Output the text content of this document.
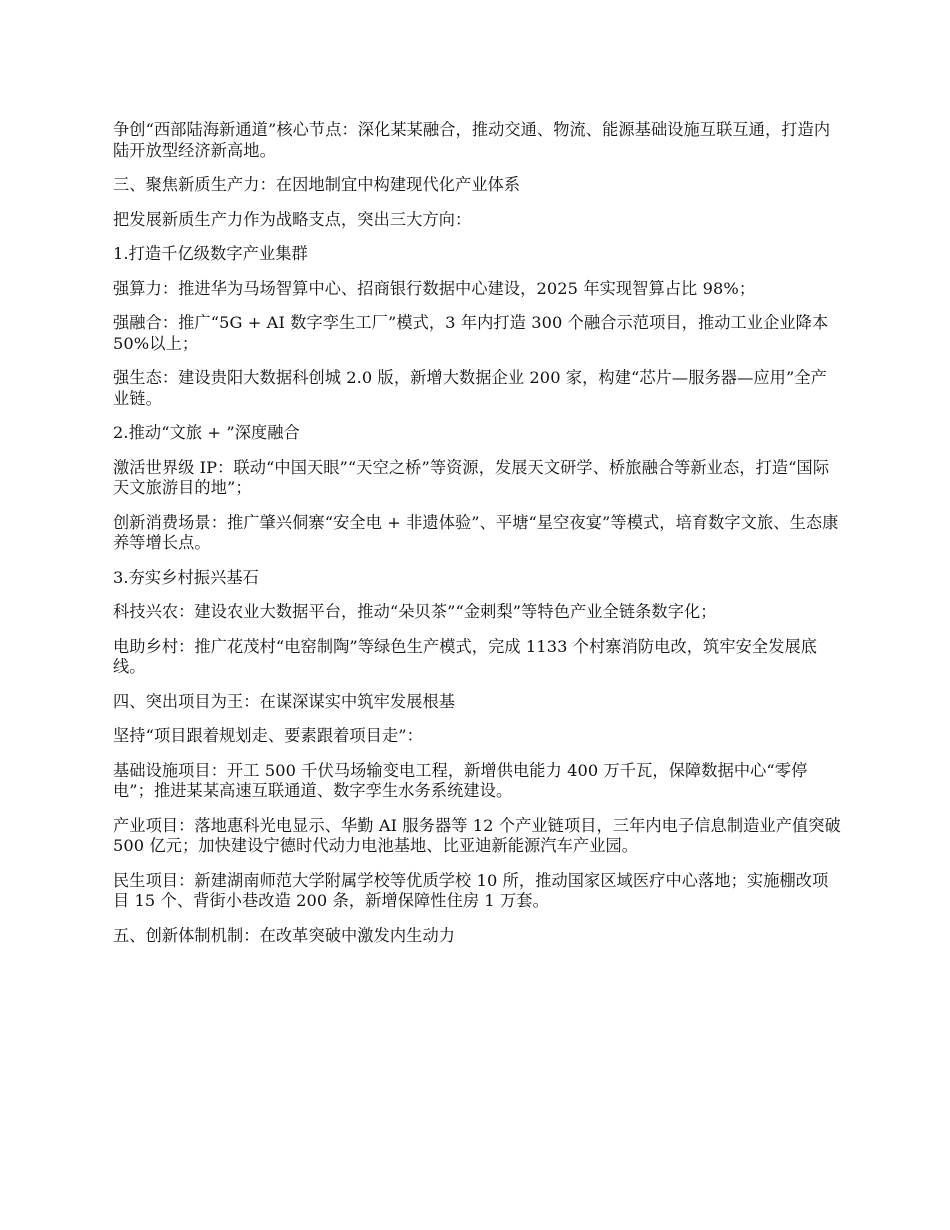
争创“西部陆海新通道”核心节点：深化某某融合，推动交通、物流、能源基础设施互联互通，打造内陆开放型经济新高地。

三、聚焦新质生产力：在因地制宜中构建现代化产业体系

把发展新质生产力作为战略支点，突出三大方向：

1.打造千亿级数字产业集群

强算力：推进华为马场智算中心、招商银行数据中心建设，2025 年实现智算占比 98%；

强融合：推广“5G + AI 数字孪生工厂”模式，3 年内打造 300 个融合示范项目，推动工业企业降本 50%以上；

强生态：建设贵阳大数据科创城 2.0 版，新增大数据企业 200 家，构建“芯片—服务器—应用”全产业链。

2.推动“文旅 + ”深度融合

激活世界级 IP：联动“中国天眼”“天空之桥”等资源，发展天文研学、桥旅融合等新业态，打造“国际天文旅游目的地”；

创新消费场景：推广肇兴侗寨“安全电 + 非遗体验”、平塘“星空夜宴”等模式，培育数字文旅、生态康养等增长点。

3.夯实乡村振兴基石

科技兴农：建设农业大数据平台，推动“朵贝茶”“金刺梨”等特色产业全链条数字化；

电助乡村：推广花茂村“电窑制陶”等绿色生产模式，完成 1133 个村寨消防电改，筑牢安全发展底线。

四、突出项目为王：在谋深谋实中筑牢发展根基

坚持“项目跟着规划走、要素跟着项目走”：

基础设施项目：开工 500 千伏马场输变电工程，新增供电能力 400 万千瓦，保障数据中心“零停电”；推进某某高速互联通道、数字孪生水务系统建设。

产业项目：落地惠科光电显示、华勤 AI 服务器等 12 个产业链项目，三年内电子信息制造业产值突破 500 亿元；加快建设宁德时代动力电池基地、比亚迪新能源汽车产业园。

民生项目：新建湖南师范大学附属学校等优质学校 10 所，推动国家区域医疗中心落地；实施棚改项目 15 个、背街小巷改造 200 条，新增保障性住房 1 万套。

五、创新体制机制：在改革突破中激发内生动力
